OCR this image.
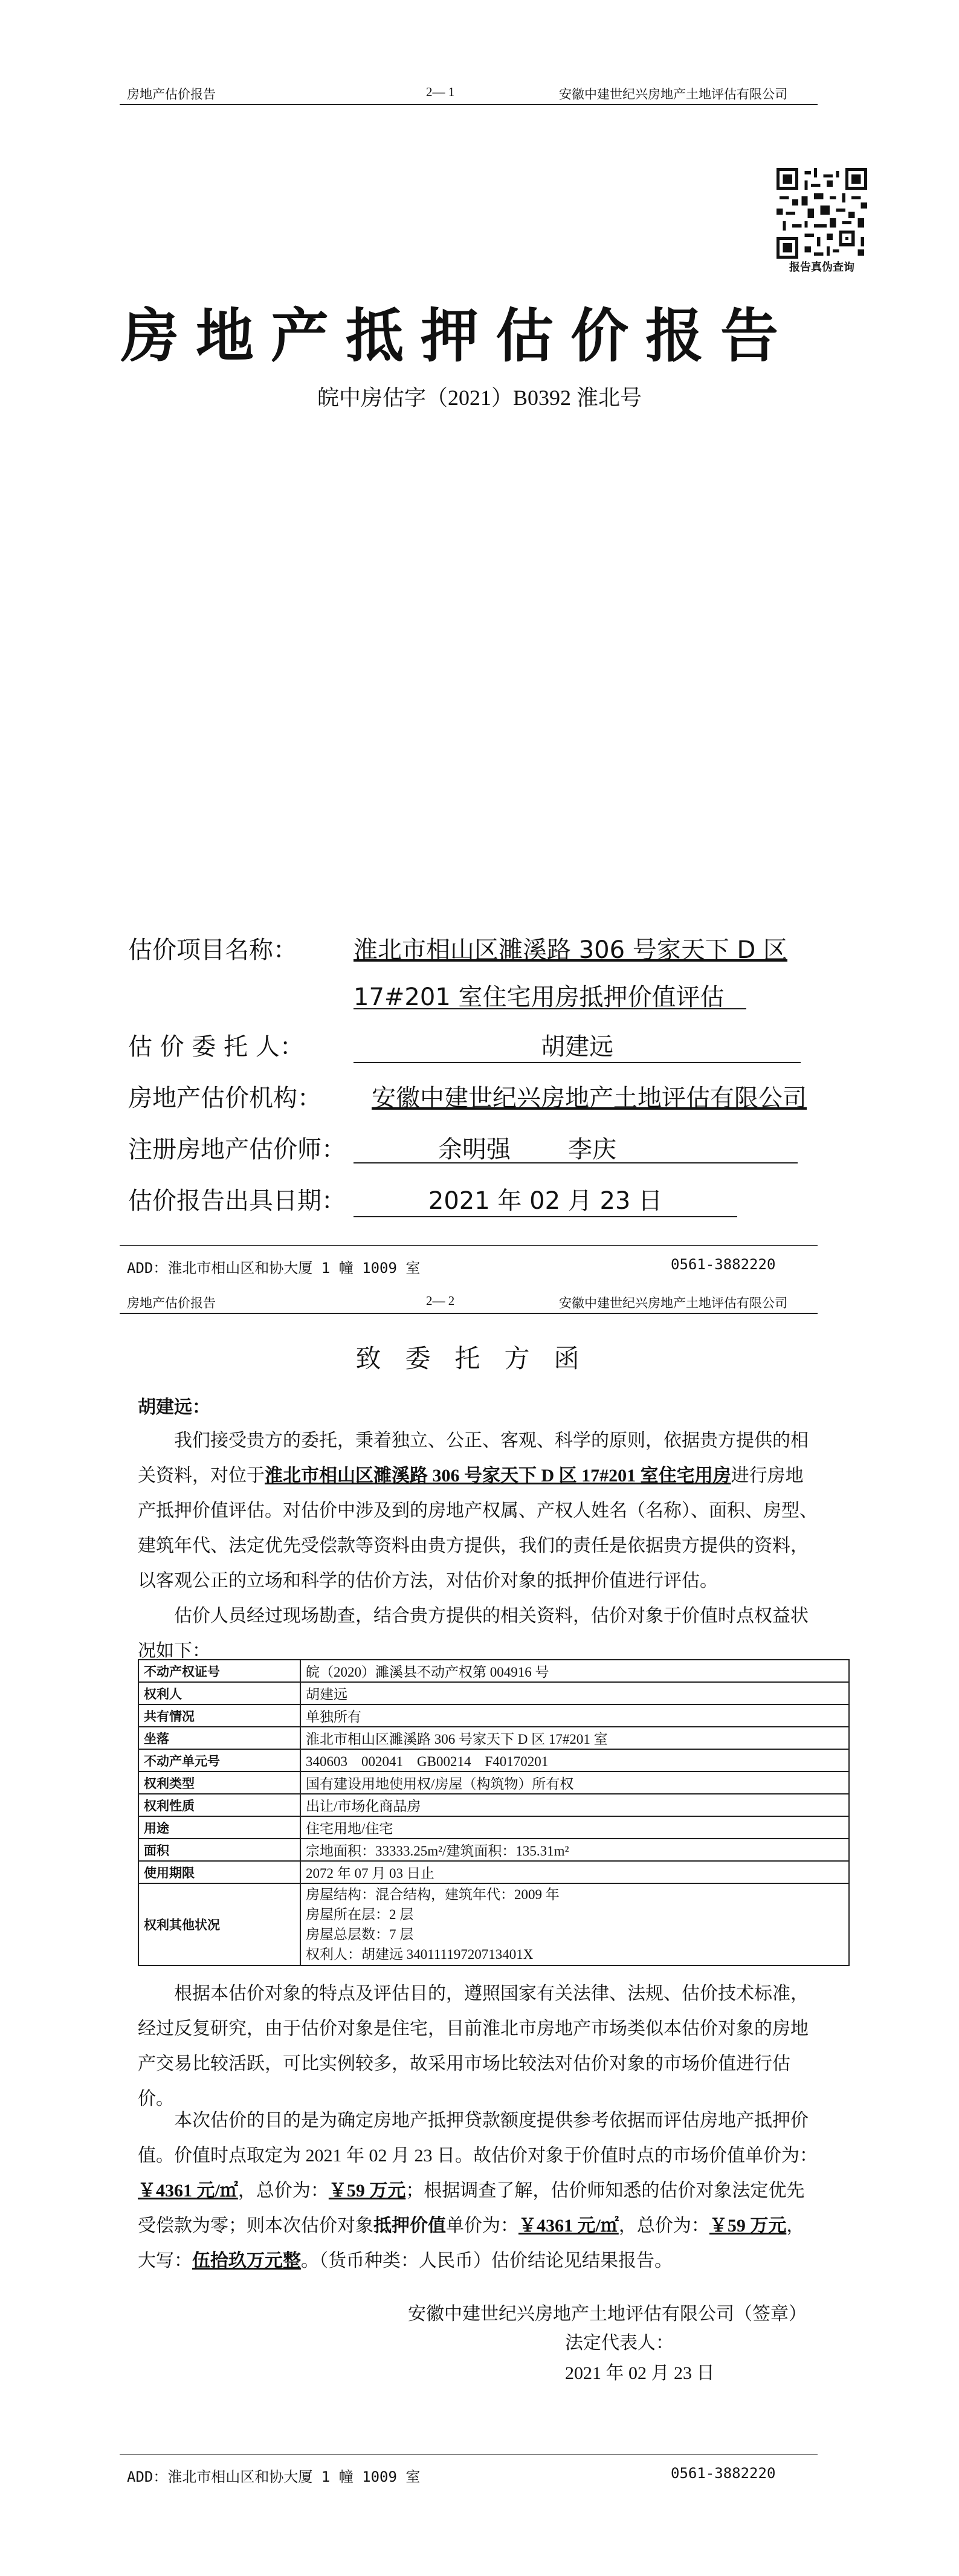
房地产估价报告	2— 1	安徽中建世纪兴房地产土地评估有限公司
报告真伪查询
房地产抵押估价报告
皖中房估字（2021）B0392 淮北号
估价项目名称： 淮北市相山区濉溪路 306 号家天下 D 区
17#201 室住宅用房抵押价值评估
估 价 委 托 人：	胡建远
房地产估价机构： 安徽中建世纪兴房地产土地评估有限公司
注册房地产估价师：	余明强 李庆
估价报告出具日期：	2021 年 02 月 23 日
ADD：淮北市相山区和协大厦 1 幢 1009 室	0561-3882220
房地产估价报告	2— 2	安徽中建世纪兴房地产土地评估有限公司
致委托方函
胡建远：
我们接受贵方的委托，秉着独立、公正、客观、科学的原则，依据贵方提供的相关资料，对位于淮北市相山区濉溪路 306 号家天下 D 区 17#201 室住宅用房进行房地产抵押价值评估。对估价中涉及到的房地产权属、产权人姓名（名称）、面积、房型、建筑年代、法定优先受偿款等资料由贵方提供，我们的责任是依据贵方提供的资料，以客观公正的立场和科学的估价方法，对估价对象的抵押价值进行评估。
估价人员经过现场勘查，结合贵方提供的相关资料，估价对象于价值时点权益状况如下：
不动产权证号	皖（2020）濉溪县不动产权第 004916 号
权利人	胡建远
共有情况	单独所有
坐落	淮北市相山区濉溪路 306 号家天下 D 区 17#201 室
不动产单元号	340603　002041　GB00214　F40170201
权利类型	国有建设用地使用权/房屋（构筑物）所有权
权利性质	出让/市场化商品房
用途	住宅用地/住宅
面积	宗地面积：33333.25m²/建筑面积：135.31m²
使用期限	2072 年 07 月 03 日止
权利其他状况	房屋结构：混合结构，建筑年代：2009 年
房屋所在层：2 层
房屋总层数：7 层
权利人：胡建远 34011119720713401X
根据本估价对象的特点及评估目的，遵照国家有关法律、法规、估价技术标准，经过反复研究，由于估价对象是住宅，目前淮北市房地产市场类似本估价对象的房地产交易比较活跃，可比实例较多，故采用市场比较法对估价对象的市场价值进行估价。
本次估价的目的是为确定房地产抵押贷款额度提供参考依据而评估房地产抵押价值。价值时点取定为 2021 年 02 月 23 日。故估价对象于价值时点的市场价值单价为：￥4361 元/㎡，总价为：￥59 万元；根据调查了解，估价师知悉的估价对象法定优先受偿款为零；则本次估价对象抵押价值单价为：￥4361 元/㎡，总价为：￥59 万元，大写：伍拾玖万元整。（货币种类：人民币）估价结论见结果报告。
安徽中建世纪兴房地产土地评估有限公司（签章）
法定代表人：
2021 年 02 月 23 日
ADD：淮北市相山区和协大厦 1 幢 1009 室	0561-3882220
